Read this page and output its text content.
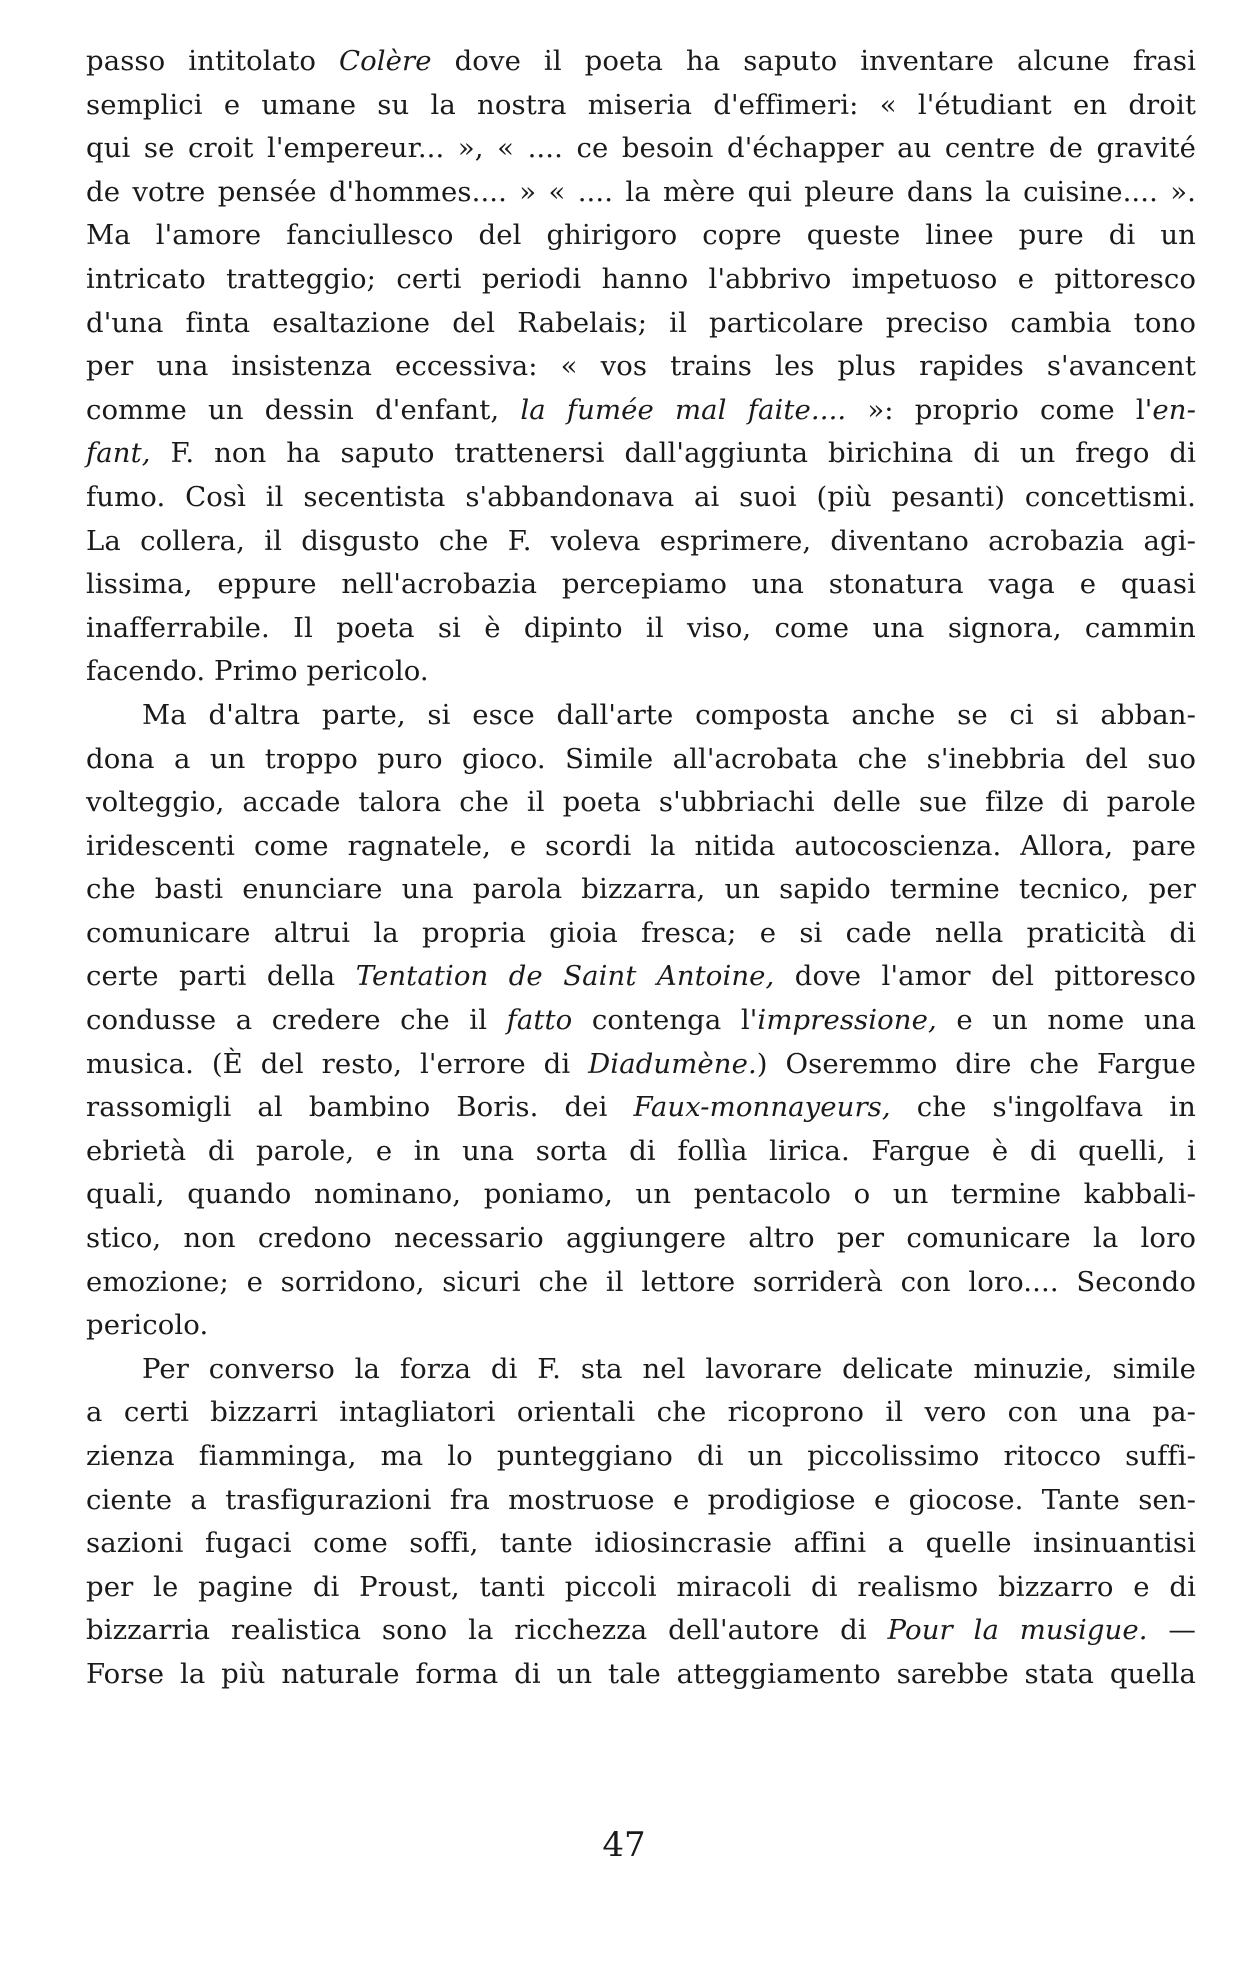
passo intitolato Colère dove il poeta ha saputo inventare alcune frasi
semplici e umane su la nostra miseria d'effimeri: « l'étudiant en droit
qui se croit l'empereur... », « .... ce besoin d'échapper au centre de gravité
de votre pensée d'hommes.... » « .... la mère qui pleure dans la cuisine.... ».
Ma l'amore fanciullesco del ghirigoro copre queste linee pure di un
intricato tratteggio; certi periodi hanno l'abbrivo impetuoso e pittoresco
d'una finta esaltazione del Rabelais; il particolare preciso cambia tono
per una insistenza eccessiva: « vos trains les plus rapides s'avancent
comme un dessin d'enfant, la fumée mal faite.... »: proprio come l'en-
fant, F. non ha saputo trattenersi dall'aggiunta birichina di un frego di
fumo. Così il secentista s'abbandonava ai suoi (più pesanti) concettismi.
La collera, il disgusto che F. voleva esprimere, diventano acrobazia agi-
lissima, eppure nell'acrobazia percepiamo una stonatura vaga e quasi
inafferrabile. Il poeta si è dipinto il viso, come una signora, cammin
facendo. Primo pericolo.
Ma d'altra parte, si esce dall'arte composta anche se ci si abban-
dona a un troppo puro gioco. Simile all'acrobata che s'inebbria del suo
volteggio, accade talora che il poeta s'ubbriachi delle sue filze di parole
iridescenti come ragnatele, e scordi la nitida autocoscienza. Allora, pare
che basti enunciare una parola bizzarra, un sapido termine tecnico, per
comunicare altrui la propria gioia fresca; e si cade nella praticità di
certe parti della Tentation de Saint Antoine, dove l'amor del pittoresco
condusse a credere che il fatto contenga l'impressione, e un nome una
musica. (È del resto, l'errore di Diadumène.) Oseremmo dire che Fargue
rassomigli al bambino Boris. dei Faux-monnayeurs, che s'ingolfava in
ebrietà di parole, e in una sorta di follìa lirica. Fargue è di quelli, i
quali, quando nominano, poniamo, un pentacolo o un termine kabbali-
stico, non credono necessario aggiungere altro per comunicare la loro
emozione; e sorridono, sicuri che il lettore sorriderà con loro.... Secondo
pericolo.
Per converso la forza di F. sta nel lavorare delicate minuzie, simile
a certi bizzarri intagliatori orientali che ricoprono il vero con una pa-
zienza fiamminga, ma lo punteggiano di un piccolissimo ritocco suffi-
ciente a trasfigurazioni fra mostruose e prodigiose e giocose. Tante sen-
sazioni fugaci come soffi, tante idiosincrasie affini a quelle insinuantisi
per le pagine di Proust, tanti piccoli miracoli di realismo bizzarro e di
bizzarria realistica sono la ricchezza dell'autore di Pour la musigue. —
Forse la più naturale forma di un tale atteggiamento sarebbe stata quella
47
